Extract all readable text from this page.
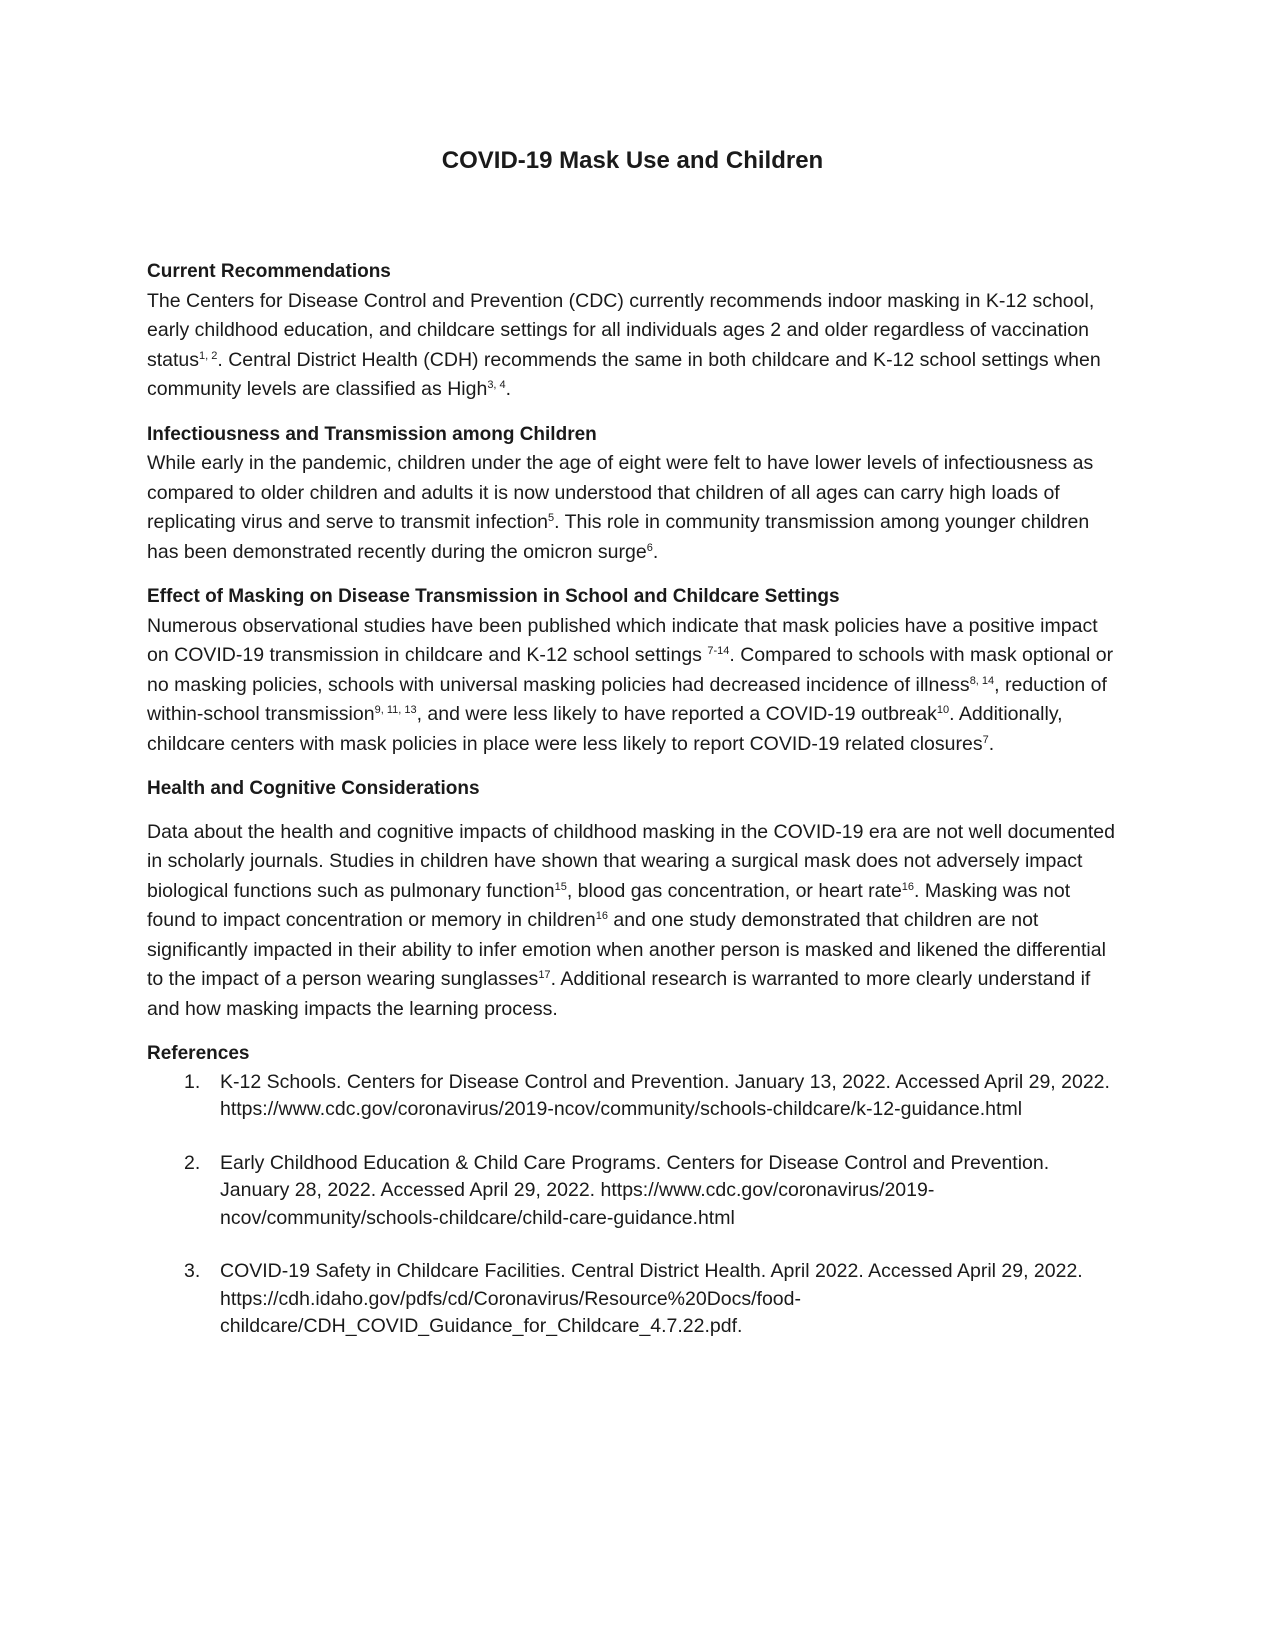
COVID-19 Mask Use and Children
Current Recommendations

The Centers for Disease Control and Prevention (CDC) currently recommends indoor masking in K-12 school, early childhood education, and childcare settings for all individuals ages 2 and older regardless of vaccination status$^{1, 2}$. Central District Health (CDH) recommends the same in both childcare and K-12 school settings when community levels are classified as High$^{3, 4}$.

Infectiousness and Transmission among Children

While early in the pandemic, children under the age of eight were felt to have lower levels of infectiousness as compared to older children and adults it is now understood that children of all ages can carry high loads of replicating virus and serve to transmit infection$^5$. This role in community transmission among younger children has been demonstrated recently during the omicron surge$^6$.

Effect of Masking on Disease Transmission in School and Childcare Settings

Numerous observational studies have been published which indicate that mask policies have a positive impact on COVID-19 transmission in childcare and K-12 school settings $^{7-14}$. Compared to schools with mask optional or no masking policies, schools with universal masking policies had decreased incidence of illness$^{8, 14}$, reduction of within-school transmission$^{9, 11, 13}$, and were less likely to have reported a COVID-19 outbreak$^{10}$. Additionally, childcare centers with mask policies in place were less likely to report COVID-19 related closures$^7$.

Health and Cognitive Considerations

Data about the health and cognitive impacts of childhood masking in the COVID-19 era are not well documented in scholarly journals. Studies in children have shown that wearing a surgical mask does not adversely impact biological functions such as pulmonary function$^{15}$, blood gas concentration, or heart rate$^{16}$. Masking was not found to impact concentration or memory in children$^{16}$ and one study demonstrated that children are not significantly impacted in their ability to infer emotion when another person is masked and likened the differential to the impact of a person wearing sunglasses$^{17}$. Additional research is warranted to more clearly understand if and how masking impacts the learning process.

References
1. K-12 Schools. Centers for Disease Control and Prevention. January 13, 2022. Accessed April 29, 2022. https://www.cdc.gov/coronavirus/2019-ncov/community/schools-childcare/k-12-guidance.html
2. Early Childhood Education & Child Care Programs. Centers for Disease Control and Prevention. January 28, 2022. Accessed April 29, 2022. https://www.cdc.gov/coronavirus/2019-ncov/community/schools-childcare/child-care-guidance.html
3. COVID-19 Safety in Childcare Facilities. Central District Health. April 2022. Accessed April 29, 2022. https://cdh.idaho.gov/pdfs/cd/Coronavirus/Resource%20Docs/food-childcare/CDH_COVID_Guidance_for_Childcare_4.7.22.pdf.
